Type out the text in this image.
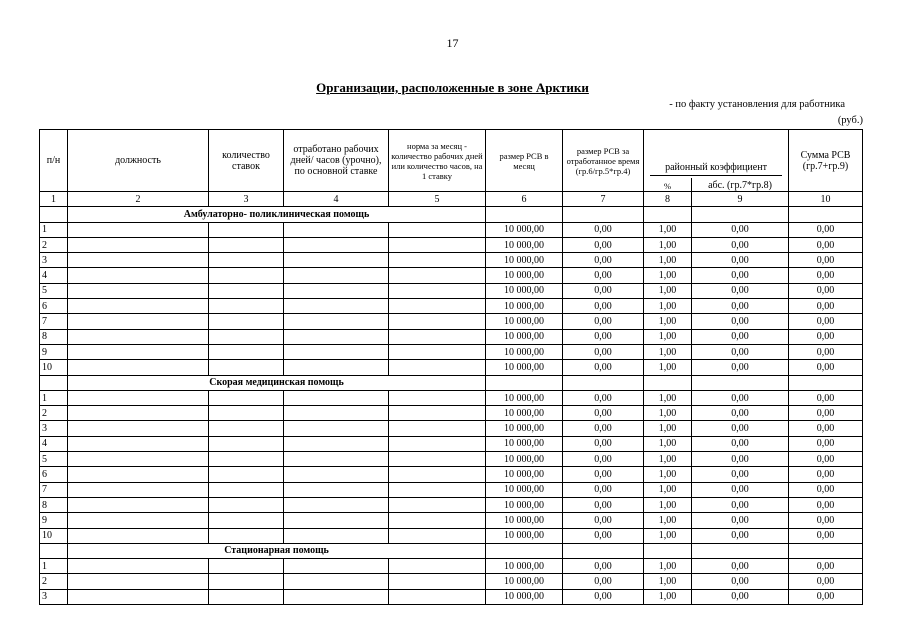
17
Организации, расположенные в зоне Арктики
- по факту установления для работника
(руб.)
п/н	должность	количество ставок	отработано рабочих дней/ часов (урочно), по основной ставке	норма за месяц - количество рабочих дней или количество часов, на 1 ставку	размер РСВ в месяц	размер РСВ за отработанное время (гр.6/гр.5*гр.4)	районный коэффициент		Сумма РСВ (гр.7+гр.9)
							%	абс. (гр.7*гр.8)	
1	2	3	4	5	6	7	8	9	10
	Амбулаторно- поликлиническая помощь								
1					10 000,00	0,00	1,00	0,00	0,00
2					10 000,00	0,00	1,00	0,00	0,00
3					10 000,00	0,00	1,00	0,00	0,00
4					10 000,00	0,00	1,00	0,00	0,00
5					10 000,00	0,00	1,00	0,00	0,00
6					10 000,00	0,00	1,00	0,00	0,00
7					10 000,00	0,00	1,00	0,00	0,00
8					10 000,00	0,00	1,00	0,00	0,00
9					10 000,00	0,00	1,00	0,00	0,00
10					10 000,00	0,00	1,00	0,00	0,00
	Скорая медицинская помощь								
1					10 000,00	0,00	1,00	0,00	0,00
2					10 000,00	0,00	1,00	0,00	0,00
3					10 000,00	0,00	1,00	0,00	0,00
4					10 000,00	0,00	1,00	0,00	0,00
5					10 000,00	0,00	1,00	0,00	0,00
6					10 000,00	0,00	1,00	0,00	0,00
7					10 000,00	0,00	1,00	0,00	0,00
8					10 000,00	0,00	1,00	0,00	0,00
9					10 000,00	0,00	1,00	0,00	0,00
10					10 000,00	0,00	1,00	0,00	0,00
	Стационарная помощь								
1					10 000,00	0,00	1,00	0,00	0,00
2					10 000,00	0,00	1,00	0,00	0,00
3					10 000,00	0,00	1,00	0,00	0,00
